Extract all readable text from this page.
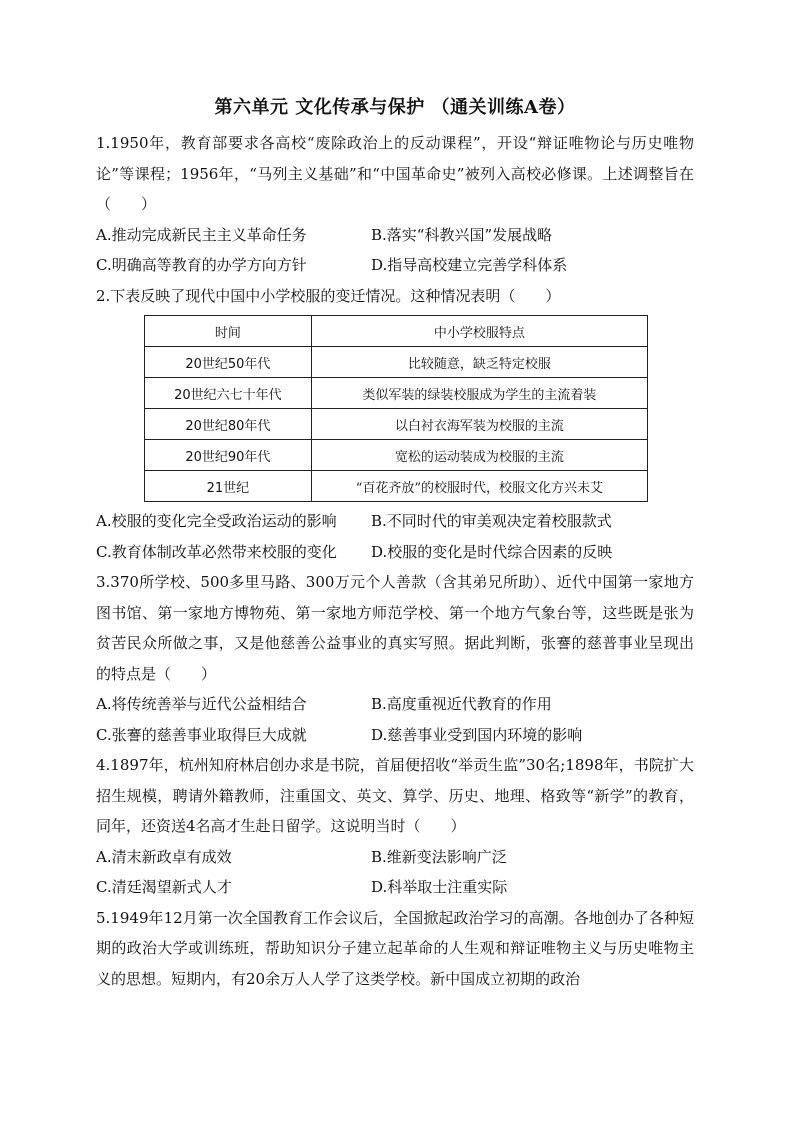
第六单元 文化传承与保护 （通关训练A卷）

1.1950年，教育部要求各高校“废除政治上的反动课程”，开设“辩证唯物论与历史唯物论”等课程；1956年，“马列主义基础”和“中国革命史”被列入高校必修课。上述调整旨在（　　）

A.推动完成新民主主义革命任务	B.落实“科教兴国”发展战略

C.明确高等教育的办学方向方针	D.指导高校建立完善学科体系

2.下表反映了现代中国中小学校服的变迁情况。这种情况表明（　　）

时间	中小学校服特点
20世纪50年代	比较随意，缺乏特定校服
20世纪六七十年代	类似军装的绿装校服成为学生的主流着装
20世纪80年代	以白衬衣海军装为校服的主流
20世纪90年代	宽松的运动装成为校服的主流
21世纪	“百花齐放”的校服时代，校服文化方兴未艾

A.校服的变化完全受政治运动的影响	B.不同时代的审美观决定着校服款式

C.教育体制改革必然带来校服的变化	D.校服的变化是时代综合因素的反映

3.370所学校、500多里马路、300万元个人善款（含其弟兄所助）、近代中国第一家地方图书馆、第一家地方博物苑、第一家地方师范学校、第一个地方气象台等，这些既是张为贫苦民众所做之事，又是他慈善公益事业的真实写照。据此判断，张謇的慈普事业呈现出的特点是（　　）

A.将传统善举与近代公益相结合	B.高度重视近代教育的作用

C.张謇的慈善事业取得巨大成就	D.慈善事业受到国内环境的影响

4.1897年，杭州知府林启创办求是书院，首届便招收“举贡生监”30名;1898年，书院扩大招生规模，聘请外籍教师，注重国文、英文、算学、历史、地理、格致等“新学”的教育，同年，还资送4名高才生赴日留学。这说明当时（　　）

A.清末新政卓有成效	B.维新变法影响广泛

C.清廷渴望新式人才	D.科举取士注重实际

5.1949年12月第一次全国教育工作会议后，全国掀起政治学习的高潮。各地创办了各种短期的政治大学或训练班，帮助知识分子建立起革命的人生观和辩证唯物主义与历史唯物主义的思想。短期内，有20余万人人学了这类学校。新中国成立初期的政治
